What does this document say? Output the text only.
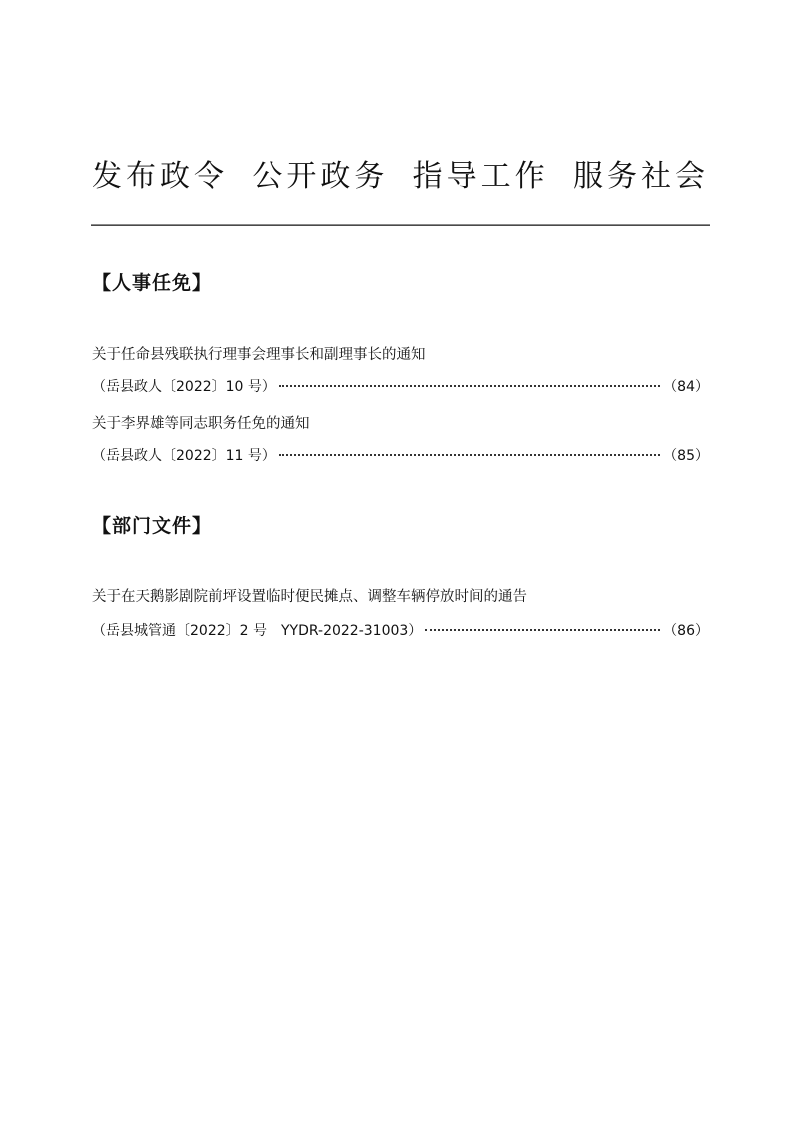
发布政令 公开政务 指导工作 服务社会
【人事任免】
关于任命县残联执行理事会理事长和副理事长的通知
（岳县政人〔2022〕10 号）	（84）
关于李界雄等同志职务任免的通知
（岳县政人〔2022〕11 号）	（85）
【部门文件】
关于在天鹅影剧院前坪设置临时便民摊点、调整车辆停放时间的通告
（岳县城管通〔2022〕2 号　YYDR-2022-31003）	（86）
